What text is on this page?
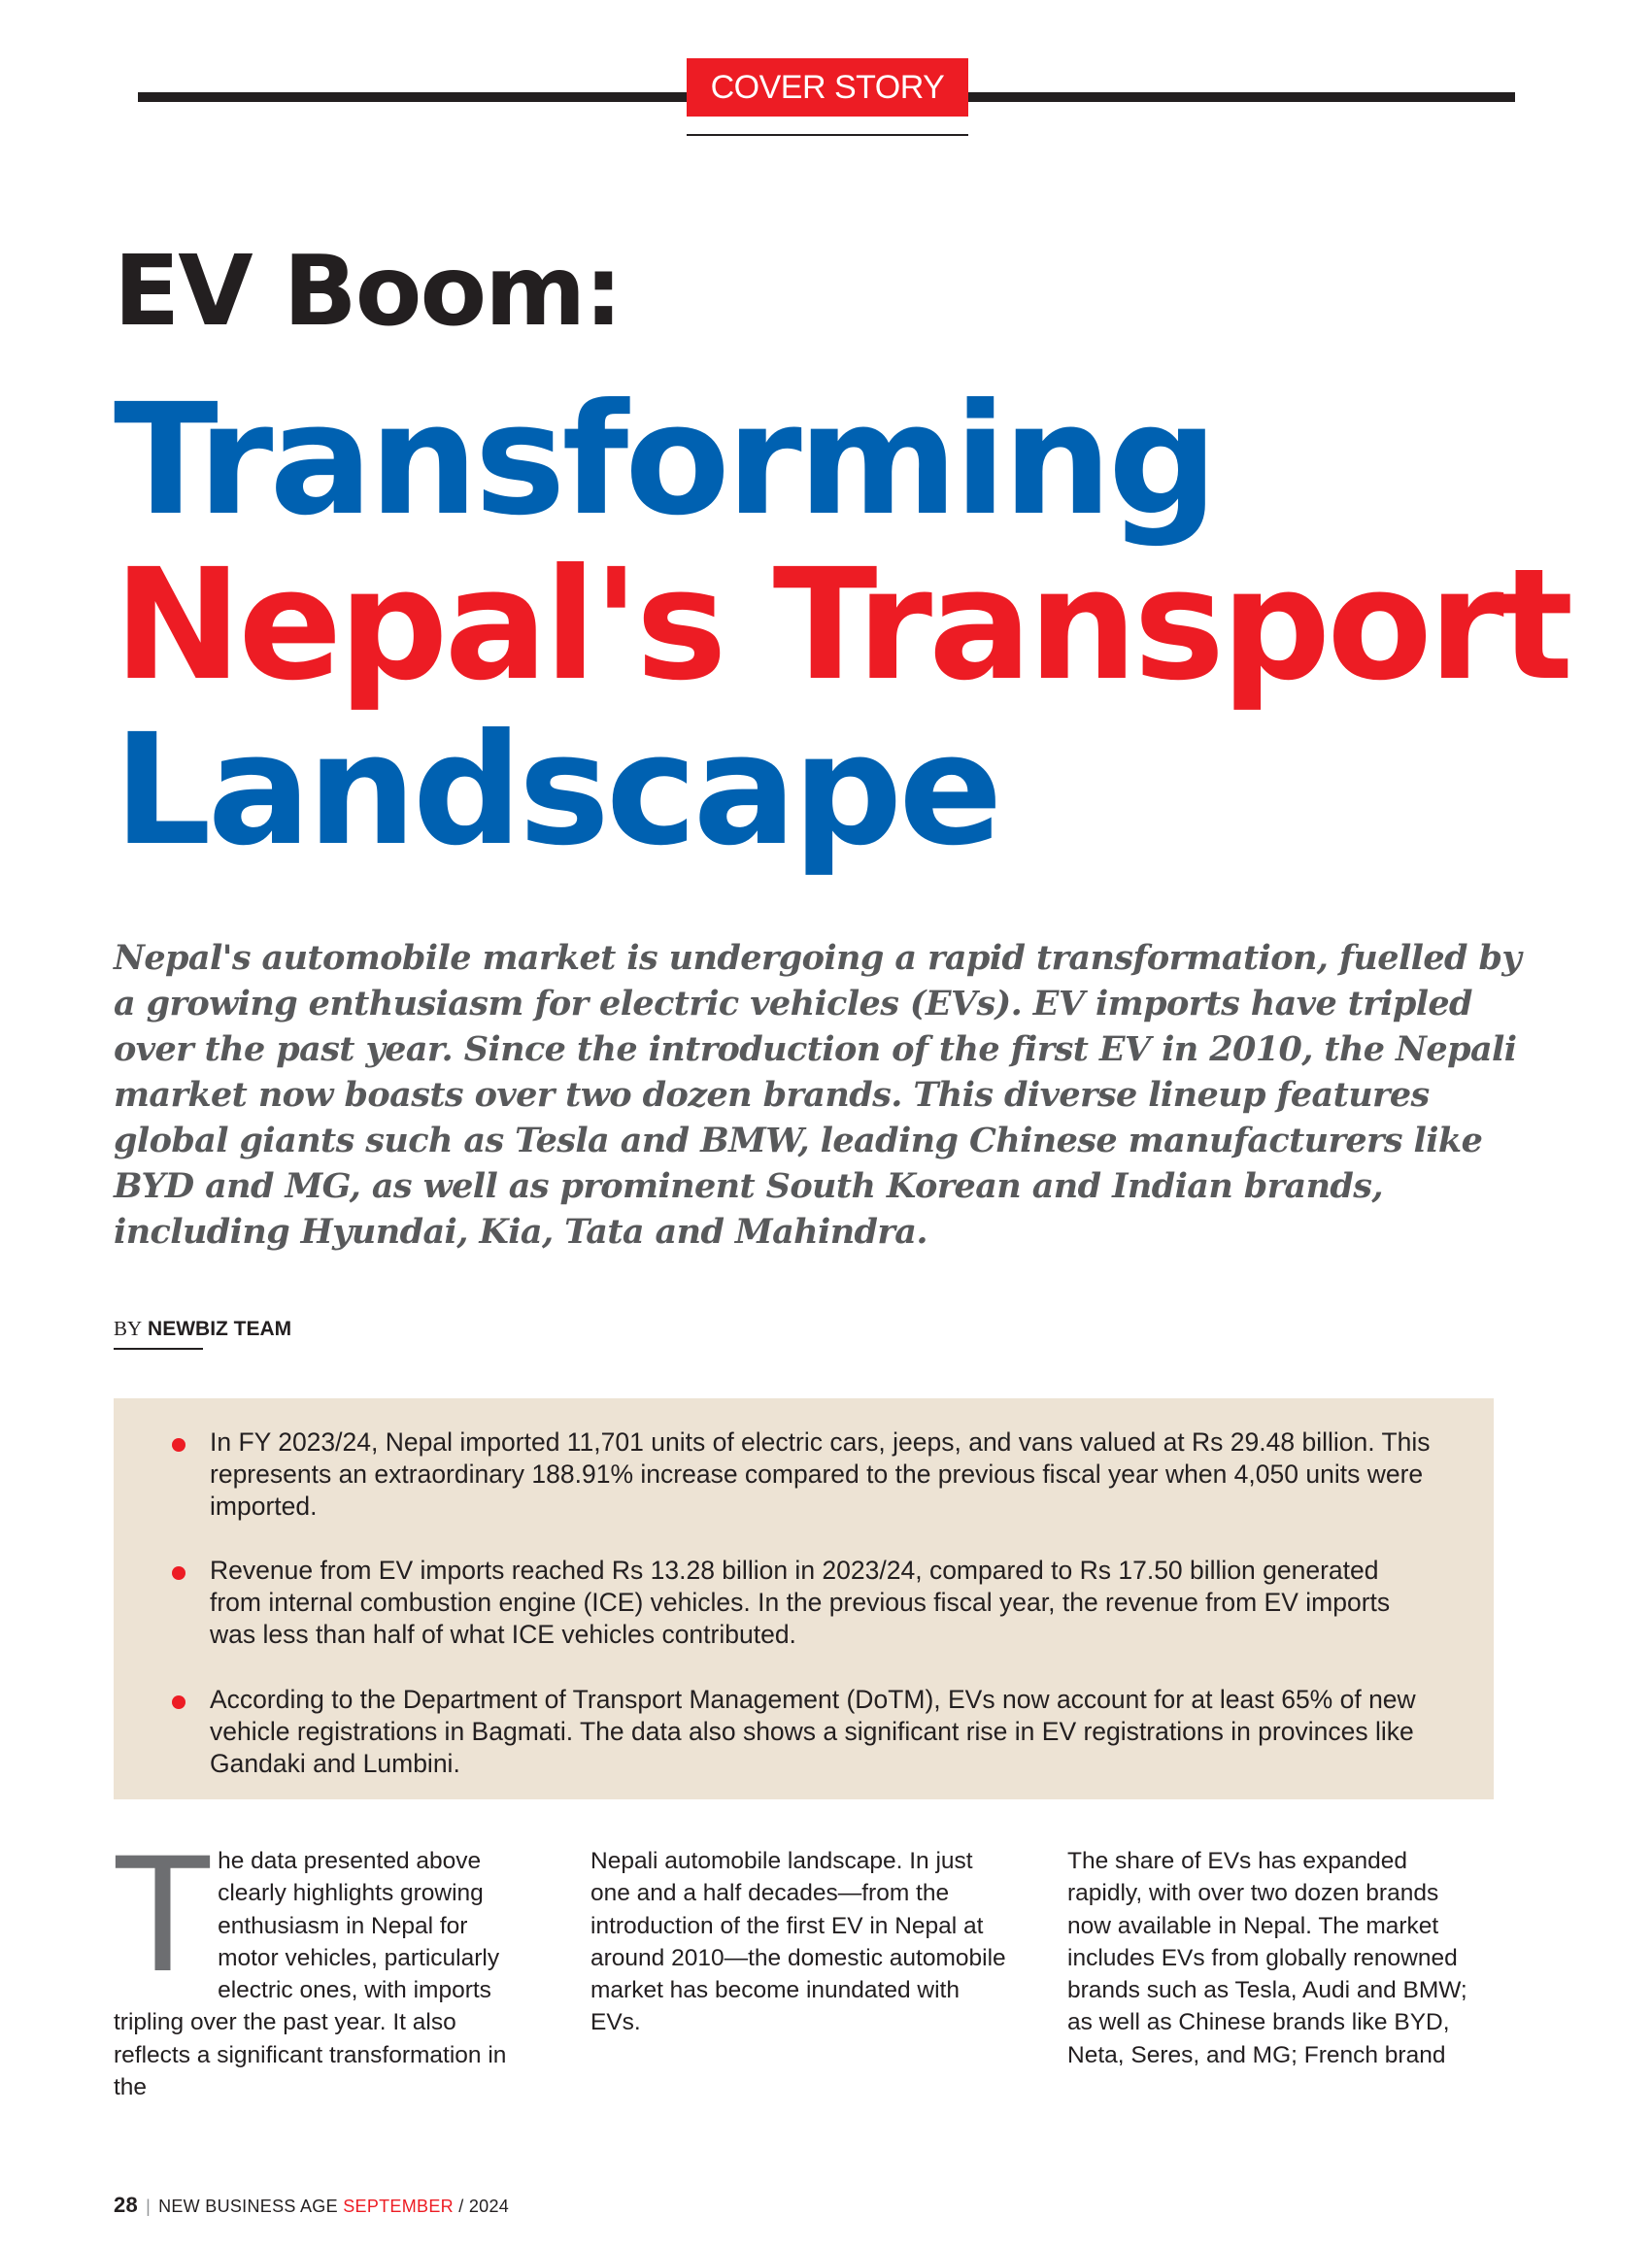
COVER STORY
EV Boom:
Transforming
Nepal's Transport
Landscape

Nepal's automobile market is undergoing a rapid transformation, fuelled by a growing enthusiasm for electric vehicles (EVs). EV imports have tripled over the past year. Since the introduction of the first EV in 2010, the Nepali market now boasts over two dozen brands. This diverse lineup features global giants such as Tesla and BMW, leading Chinese manufacturers like BYD and MG, as well as prominent South Korean and Indian brands, including Hyundai, Kia, Tata and Mahindra.

BY NEWBIZ TEAM
In FY 2023/24, Nepal imported 11,701 units of electric cars, jeeps, and vans valued at Rs 29.48 billion. This represents an extraordinary 188.91% increase compared to the previous fiscal year when 4,050 units were imported.
Revenue from EV imports reached Rs 13.28 billion in 2023/24, compared to Rs 17.50 billion generated from internal combustion engine (ICE) vehicles. In the previous fiscal year, the revenue from EV imports was less than half of what ICE vehicles contributed.
According to the Department of Transport Management (DoTM), EVs now account for at least 65% of new vehicle registrations in Bagmati. The data also shows a significant rise in EV registrations in provinces like Gandaki and Lumbini.
T he data presented above clearly highlights growing enthusiasm in Nepal for motor vehicles, particularly electric ones, with imports tripling over the past year. It also reflects a significant transformation in the
Nepali automobile landscape. In just one and a half decades—from the introduction of the first EV in Nepal at around 2010—the domestic automobile market has become inundated with EVs.
The share of EVs has expanded rapidly, with over two dozen brands now available in Nepal. The market includes EVs from globally renowned brands such as Tesla, Audi and BMW; as well as Chinese brands like BYD, Neta, Seres, and MG; French brand
28 | NEW BUSINESS AGE SEPTEMBER / 2024
